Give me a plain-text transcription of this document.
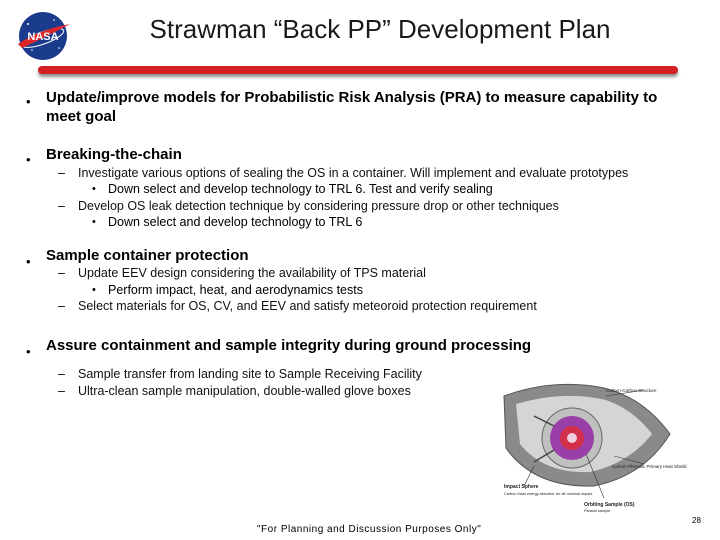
NASA	Strawman “Back PP” Development Plan
• Update/improve models for Probabilistic Risk Analysis (PRA) to measure capability to
meet goal
• Breaking-the-chain
– Investigate various options of sealing the OS in a container. Will implement and evaluate prototypes
• Down select and develop technology to TRL 6. Test and verify sealing
– Develop OS leak detection technique by considering pressure drop or other techniques
• Down select and develop technology to TRL 6
• Sample container protection
– Update EEV design considering the availability of TPS material
• Perform impact, heat, and aerodynamics tests
– Select materials for OS, CV, and EEV and satisfy meteoroid protection requirement
• Assure containment and sample integrity during ground processing
– Sample transfer from landing site to Sample Receiving Facility
– Ultra-clean sample manipulation, double-walled glove boxes	Carbon-Carbon Structure
Carbon Phenolic Primary Heat Shield
Impact Sphere
Carbon foam energy absorber for off-nominal impact
Orbiting Sample (OS)
Parasol sample
"For Planning and Discussion Purposes Only"
28
